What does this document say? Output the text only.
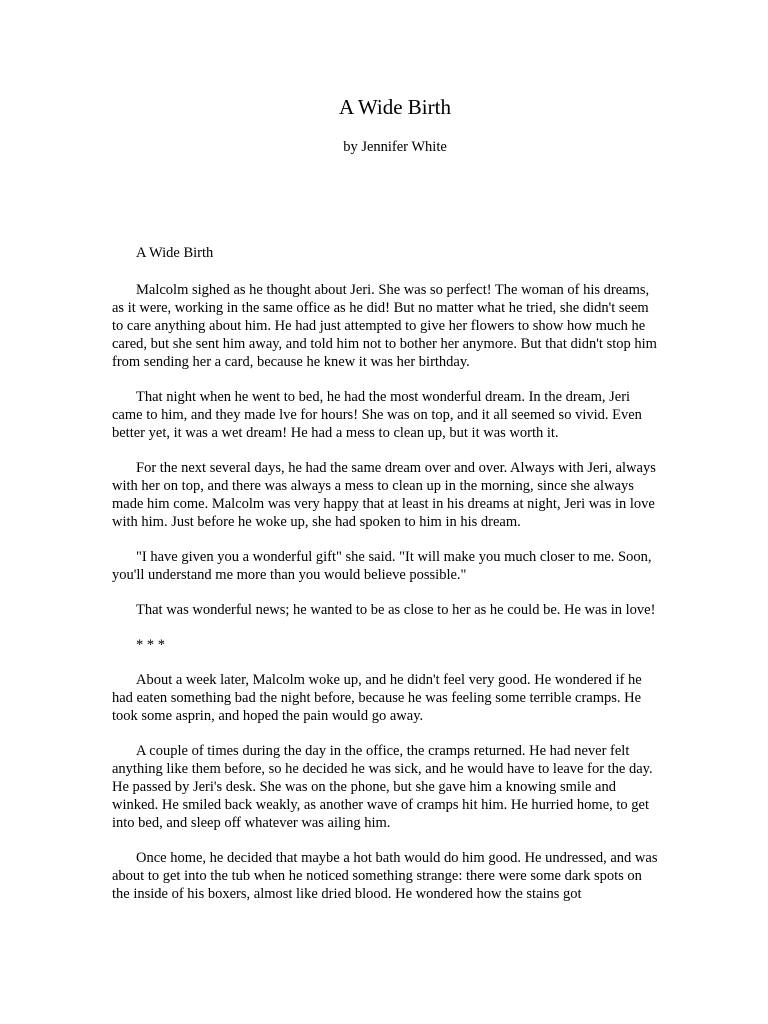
A Wide Birth
by Jennifer White

A Wide Birth

Malcolm sighed as he thought about Jeri. She was so perfect! The woman of his dreams, as it were, working in the same office as he did! But no matter what he tried, she didn't seem to care anything about him. He had just attempted to give her flowers to show how much he cared, but she sent him away, and told him not to bother her anymore. But that didn't stop him from sending her a card, because he knew it was her birthday.

That night when he went to bed, he had the most wonderful dream. In the dream, Jeri came to him, and they made lve for hours! She was on top, and it all seemed so vivid. Even better yet, it was a wet dream! He had a mess to clean up, but it was worth it.

For the next several days, he had the same dream over and over. Always with Jeri, always with her on top, and there was always a mess to clean up in the morning, since she always made him come. Malcolm was very happy that at least in his dreams at night, Jeri was in love with him. Just before he woke up, she had spoken to him in his dream.

"I have given you a wonderful gift" she said. "It will make you much closer to me. Soon, you'll understand me more than you would believe possible."

That was wonderful news; he wanted to be as close to her as he could be. He was in love!

* * *

About a week later, Malcolm woke up, and he didn't feel very good. He wondered if he had eaten something bad the night before, because he was feeling some terrible cramps. He took some asprin, and hoped the pain would go away.

A couple of times during the day in the office, the cramps returned. He had never felt anything like them before, so he decided he was sick, and he would have to leave for the day. He passed by Jeri's desk. She was on the phone, but she gave him a knowing smile and winked. He smiled back weakly, as another wave of cramps hit him. He hurried home, to get into bed, and sleep off whatever was ailing him.

Once home, he decided that maybe a hot bath would do him good. He undressed, and was about to get into the tub when he noticed something strange: there were some dark spots on the inside of his boxers, almost like dried blood. He wondered how the stains got
